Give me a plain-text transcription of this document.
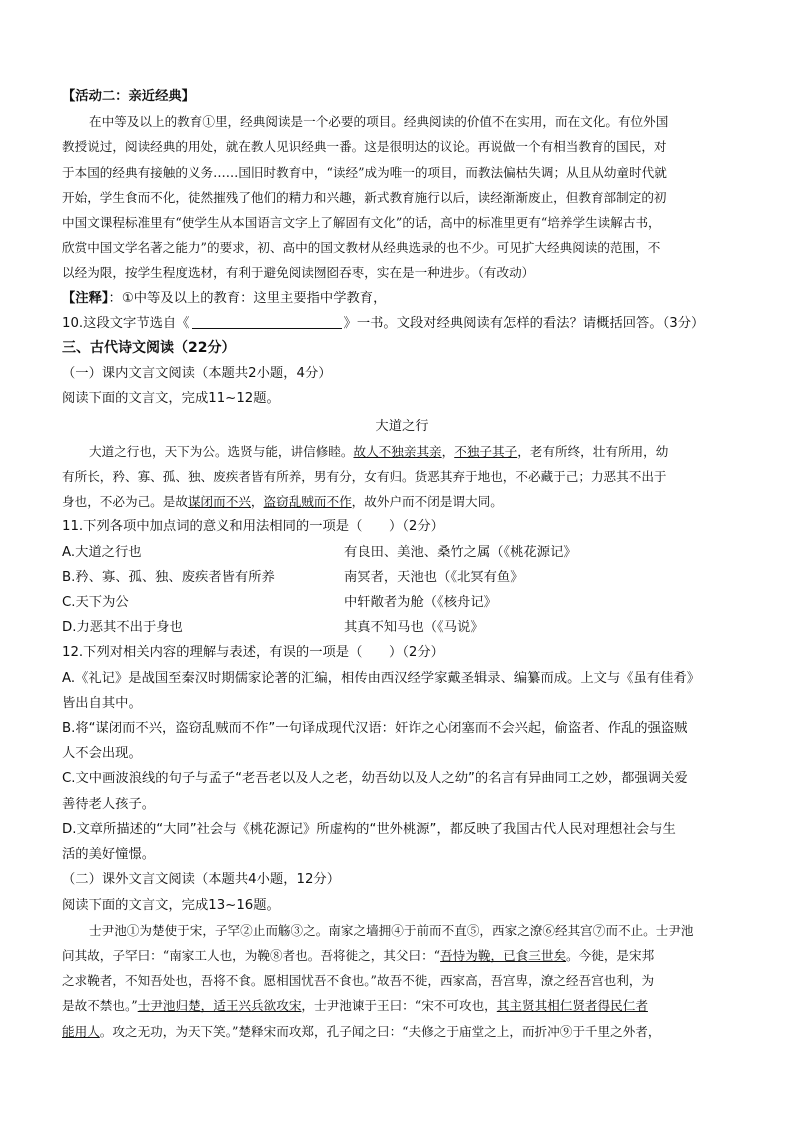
【活动二：亲近经典】
在中等及以上的教育①里，经典阅读是一个必要的项目。经典阅读的价值不在实用，而在文化。有位外国
教授说过，阅读经典的用处，就在教人见识经典一番。这是很明达的议论。再说做一个有相当教育的国民，对
于本国的经典有接触的义务……国旧时教育中，“读经”成为唯一的项目，而教法偏枯失调；从且从幼童时代就
开始，学生食而不化，徒然摧残了他们的精力和兴趣，新式教育施行以后，读经渐渐废止，但教育部制定的初
中国文课程标准里有“使学生从本国语言文字上了解固有文化”的话，高中的标准里更有“培养学生读解古书，
欣赏中国文学名著之能力”的要求，初、高中的国文教材从经典选录的也不少。可见扩大经典阅读的范围，不
以经为限，按学生程度选材，有利于避免阅读囫囵吞枣，实在是一种进步。（有改动）
【注释】：①中等及以上的教育：这里主要指中学教育，
10.这段文字节选自《	》一书。文段对经典阅读有怎样的看法？请概括回答。（3分）
三、古代诗文阅读（22分）
（一）课内文言文阅读（本题共2小题，4分）
阅读下面的文言文，完成11~12题。
大道之行
大道之行也，天下为公。选贤与能，讲信修睦。故人不独亲其亲，不独子其子，老有所终，壮有所用，幼
有所长，矜、寡、孤、独、废疾者皆有所养，男有分，女有归。货恶其弃于地也，不必藏于己；力恶其不出于
身也，不必为己。是故谋闭而不兴，盗窃乱贼而不作，故外户而不闭是谓大同。
11.下列各项中加点词的意义和用法相同的一项是（　　）（2分）
A.大道之行也	有良田、美池、桑竹之属（《桃花源记》
B.矜、寡、孤、独、废疾者皆有所养	南冥者，天池也（《北冥有鱼》
C.天下为公	中轩敞者为舱（《核舟记》
D.力恶其不出于身也	其真不知马也（《马说》
12.下列对相关内容的理解与表述，有误的一项是（　　）（2分）
A.《礼记》是战国至秦汉时期儒家论著的汇编，相传由西汉经学家戴圣辑录、编纂而成。上文与《虽有佳肴》
皆出自其中。
B.将“谋闭而不兴，盗窃乱贼而不作”一句译成现代汉语：奸诈之心闭塞而不会兴起，偷盗者、作乱的强盗贼
人不会出现。
C.文中画波浪线的句子与孟子“老吾老以及人之老，幼吾幼以及人之幼”的名言有异曲同工之妙，都强调关爱
善待老人孩子。
D.文章所描述的“大同”社会与《桃花源记》所虚构的“世外桃源”，都反映了我国古代人民对理想社会与生
活的美好憧憬。
（二）课外文言文阅读（本题共4小题，12分）
阅读下面的文言文，完成13~16题。
士尹池①为楚使于宋，子罕②止而觞③之。南家之墙拥④于前而不直⑤，西家之潦⑥经其宫⑦而不止。士尹池
问其故，子罕曰：“南家工人也，为鞔⑧者也。吾将徙之，其父曰：“吾恃为鞔，已食三世矣。今徙，是宋邦
之求鞔者，不知吾处也，吾将不食。愿相国忧吾不食也。”故吾不徙，西家高，吾宫卑，潦之经吾宫也利，为
是故不禁也。”士尹池归楚，适王兴兵欲攻宋，士尹池谏于王曰：“宋不可攻也，其主贤其相仁贤者得民仁者
能用人。攻之无功，为天下笑。”楚释宋而攻郑，孔子闻之曰：“夫修之于庙堂之上，而折冲⑨于千里之外者，
